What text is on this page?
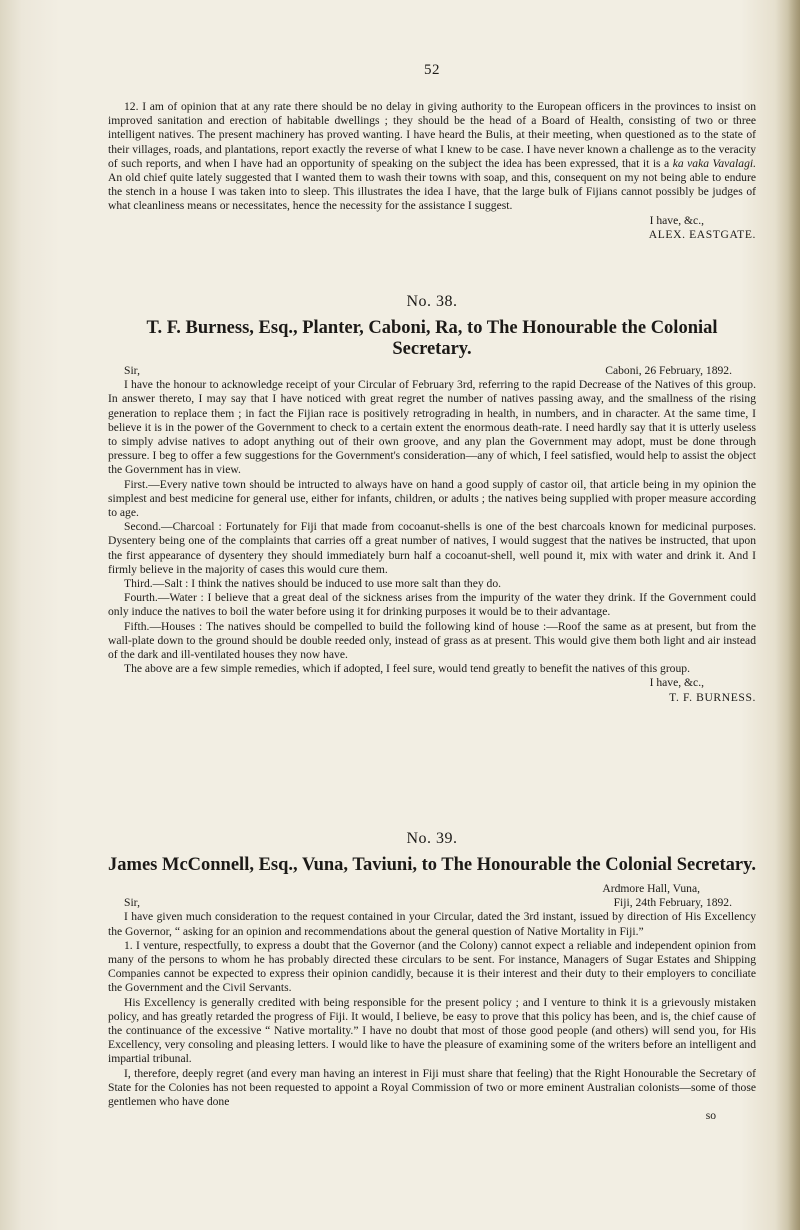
52

12. I am of opinion that at any rate there should be no delay in giving authority to the European officers in the provinces to insist on improved sanitation and erection of habitable dwellings ; they should be the head of a Board of Health, consisting of two or three intelligent natives. The present machinery has proved wanting. I have heard the Bulis, at their meeting, when questioned as to the state of their villages, roads, and plantations, report exactly the reverse of what I knew to be case. I have never known a challenge as to the veracity of such reports, and when I have had an opportunity of speaking on the subject the idea has been expressed, that it is a ka vaka Vavalagi. An old chief quite lately suggested that I wanted them to wash their towns with soap, and this, consequent on my not being able to endure the stench in a house I was taken into to sleep. This illustrates the idea I have, that the large bulk of Fijians cannot possibly be judges of what cleanliness means or necessitates, hence the necessity for the assistance I suggest.

I have, &c.,
ALEX. EASTGATE.
No. 38.
T. F. Burness, Esq., Planter, Caboni, Ra, to The Honourable the Colonial
Secretary.
Sir,	Caboni, 26 February, 1892.

I have the honour to acknowledge receipt of your Circular of February 3rd, referring to the rapid Decrease of the Natives of this group. In answer thereto, I may say that I have noticed with great regret the number of natives passing away, and the smallness of the rising generation to replace them ; in fact the Fijian race is positively retrograding in health, in numbers, and in character. At the same time, I believe it is in the power of the Government to check to a certain extent the enormous death-rate. I need hardly say that it is utterly useless to simply advise natives to adopt anything out of their own groove, and any plan the Government may adopt, must be done through pressure. I beg to offer a few suggestions for the Government's consideration—any of which, I feel satisfied, would help to assist the object the Government has in view.

First.—Every native town should be intructed to always have on hand a good supply of castor oil, that article being in my opinion the simplest and best medicine for general use, either for infants, children, or adults ; the natives being supplied with proper measure according to age.

Second.—Charcoal : Fortunately for Fiji that made from cocoanut-shells is one of the best charcoals known for medicinal purposes. Dysentery being one of the complaints that carries off a great number of natives, I would suggest that the natives be instructed, that upon the first appearance of dysentery they should immediately burn half a cocoanut-shell, well pound it, mix with water and drink it. And I firmly believe in the majority of cases this would cure them.

Third.—Salt : I think the natives should be induced to use more salt than they do.

Fourth.—Water : I believe that a great deal of the sickness arises from the impurity of the water they drink. If the Government could only induce the natives to boil the water before using it for drinking purposes it would be to their advantage.

Fifth.—Houses : The natives should be compelled to build the following kind of house :—Roof the same as at present, but from the wall-plate down to the ground should be double reeded only, instead of grass as at present. This would give them both light and air instead of the dark and ill-ventilated houses they now have.

The above are a few simple remedies, which if adopted, I feel sure, would tend greatly to benefit the natives of this group.

I have, &c.,
T. F. BURNESS.
No. 39.
James McConnell, Esq., Vuna, Taviuni, to The Honourable the Colonial Secretary.
Ardmore Hall, Vuna,
Sir,	Fiji, 24th February, 1892.

I have given much consideration to the request contained in your Circular, dated the 3rd instant, issued by direction of His Excellency the Governor, “ asking for an opinion and recommendations about the general question of Native Mortality in Fiji.”

1. I venture, respectfully, to express a doubt that the Governor (and the Colony) cannot expect a reliable and independent opinion from many of the persons to whom he has probably directed these circulars to be sent. For instance, Managers of Sugar Estates and Shipping Companies cannot be expected to express their opinion candidly, because it is their interest and their duty to their employers to conciliate the Government and the Civil Servants.

His Excellency is generally credited with being responsible for the present policy ; and I venture to think it is a grievously mistaken policy, and has greatly retarded the progress of Fiji. It would, I believe, be easy to prove that this policy has been, and is, the chief cause of the continuance of the excessive “ Native mortality.” I have no doubt that most of those good people (and others) will send you, for His Excellency, very consoling and pleasing letters. I would like to have the pleasure of examining some of the writers before an intelligent and impartial tribunal.

I, therefore, deeply regret (and every man having an interest in Fiji must share that feeling) that the Right Honourable the Secretary of State for the Colonies has not been requested to appoint a Royal Commission of two or more eminent Australian colonists—some of those gentlemen who have done

so
